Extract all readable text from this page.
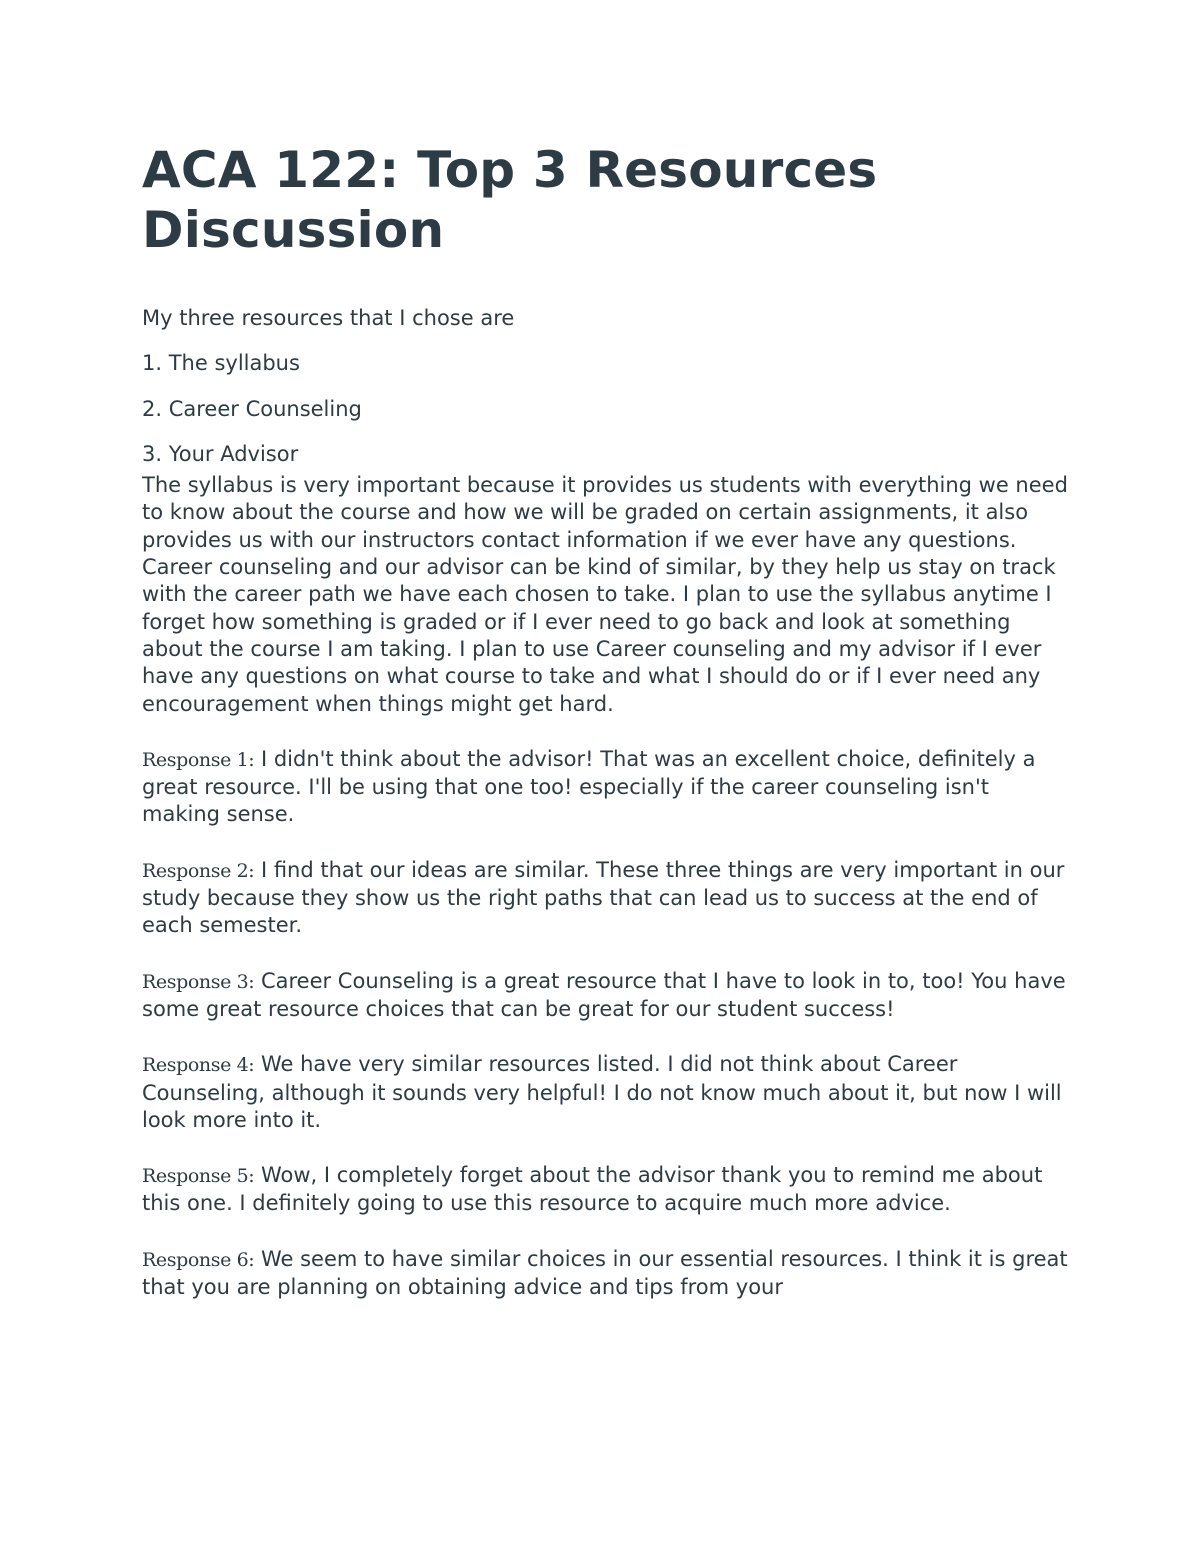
ACA 122: Top 3 Resources Discussion

My three resources that I chose are

1. The syllabus

2. Career Counseling

3. Your Advisor

The syllabus is very important because it provides us students with everything we need to know about the course and how we will be graded on certain assignments, it also provides us with our instructors contact information if we ever have any questions. Career counseling and our advisor can be kind of similar, by they help us stay on track with the career path we have each chosen to take. I plan to use the syllabus anytime I forget how something is graded or if I ever need to go back and look at something about the course I am taking. I plan to use Career counseling and my advisor if I ever have any questions on what course to take and what I should do or if I ever need any encouragement when things might get hard.

Response 1: I didn't think about the advisor! That was an excellent choice, definitely a great resource. I'll be using that one too! especially if the career counseling isn't making sense.

Response 2: I find that our ideas are similar. These three things are very important in our study because they show us the right paths that can lead us to success at the end of each semester.

Response 3: Career Counseling is a great resource that I have to look in to, too! You have some great resource choices that can be great for our student success!

Response 4: We have very similar resources listed. I did not think about Career Counseling, although it sounds very helpful! I do not know much about it, but now I will look more into it.

Response 5: Wow, I completely forget about the advisor thank you to remind me about this one. I definitely going to use this resource to acquire much more advice.

Response 6: We seem to have similar choices in our essential resources. I think it is great that you are planning on obtaining advice and tips from your
